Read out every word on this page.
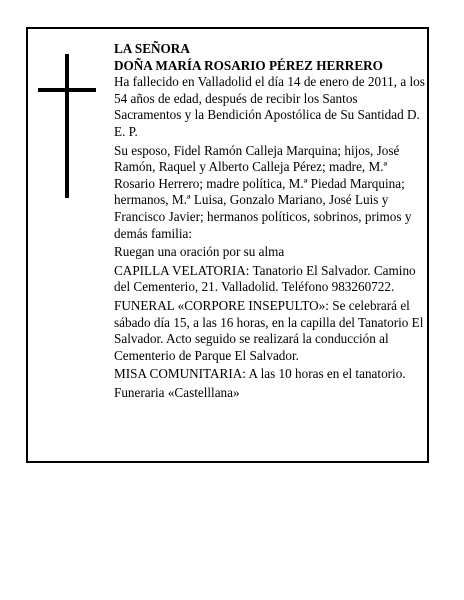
LA SEÑORA

DOÑA MARÍA ROSARIO PÉREZ HERRERO

Ha fallecido en Valladolid el día 14 de enero de 2011, a los 54 años de edad, después de recibir los Santos Sacramentos y la Bendición Apostólica de Su Santidad D. E. P.

Su esposo, Fidel Ramón Calleja Marquina; hijos, José Ramón, Raquel y Alberto Calleja Pérez; madre, M.ª Rosario Herrero; madre política, M.ª Piedad Marquina; hermanos, M.ª Luisa, Gonzalo Mariano, José Luis y Francisco Javier; hermanos políticos, sobrinos, primos y demás familia:

Ruegan una oración por su alma

CAPILLA VELATORIA: Tanatorio El Salvador. Camino del Cementerio, 21. Valladolid. Teléfono 983260722.

FUNERAL «CORPORE INSEPULTO»: Se celebrará el sábado día 15, a las 16 horas, en la capilla del Tanatorio El Salvador. Acto seguido se realizará la conducción al Cementerio de Parque El Salvador.

MISA COMUNITARIA: A las 10 horas en el tanatorio.

Funeraria «Castelllana»
